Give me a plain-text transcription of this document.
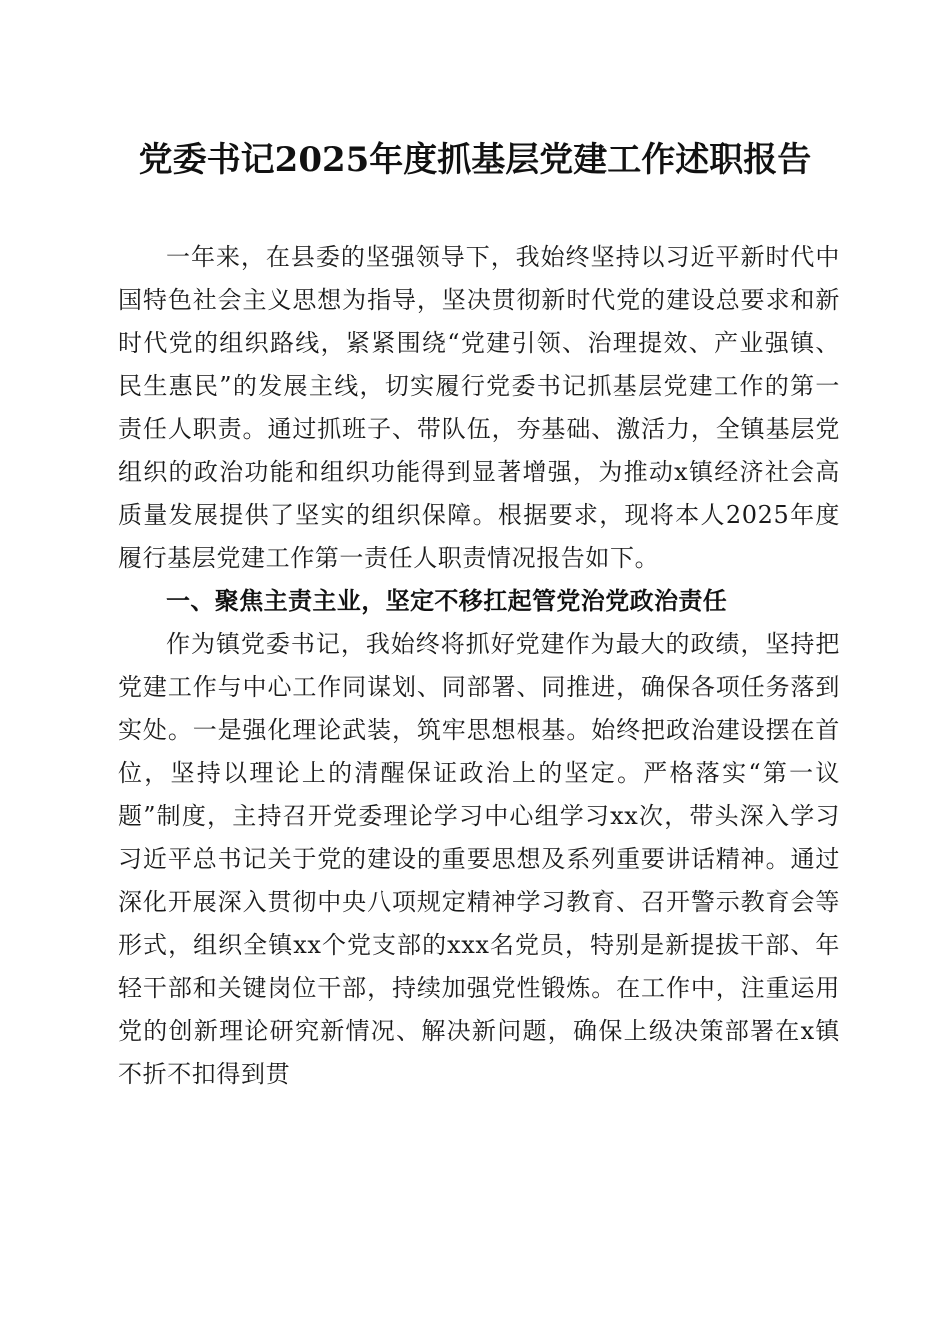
党委书记2025年度抓基层党建工作述职报告

一年来，在县委的坚强领导下，我始终坚持以习近平新时代中国特色社会主义思想为指导，坚决贯彻新时代党的建设总要求和新时代党的组织路线，紧紧围绕“党建引领、治理提效、产业强镇、民生惠民”的发展主线，切实履行党委书记抓基层党建工作的第一责任人职责。通过抓班子、带队伍，夯基础、激活力，全镇基层党组织的政治功能和组织功能得到显著增强，为推动x镇经济社会高质量发展提供了坚实的组织保障。根据要求，现将本人2025年度履行基层党建工作第一责任人职责情况报告如下。

一、聚焦主责主业，坚定不移扛起管党治党政治责任

作为镇党委书记，我始终将抓好党建作为最大的政绩，坚持把党建工作与中心工作同谋划、同部署、同推进，确保各项任务落到实处。一是强化理论武装，筑牢思想根基。始终把政治建设摆在首位，坚持以理论上的清醒保证政治上的坚定。严格落实“第一议题”制度，主持召开党委理论学习中心组学习xx次，带头深入学习习近平总书记关于党的建设的重要思想及系列重要讲话精神。通过深化开展深入贯彻中央八项规定精神学习教育、召开警示教育会等形式，组织全镇xx个党支部的xxx名党员，特别是新提拔干部、年轻干部和关键岗位干部，持续加强党性锻炼。在工作中，注重运用党的创新理论研究新情况、解决新问题，确保上级决策部署在x镇不折不扣得到贯
